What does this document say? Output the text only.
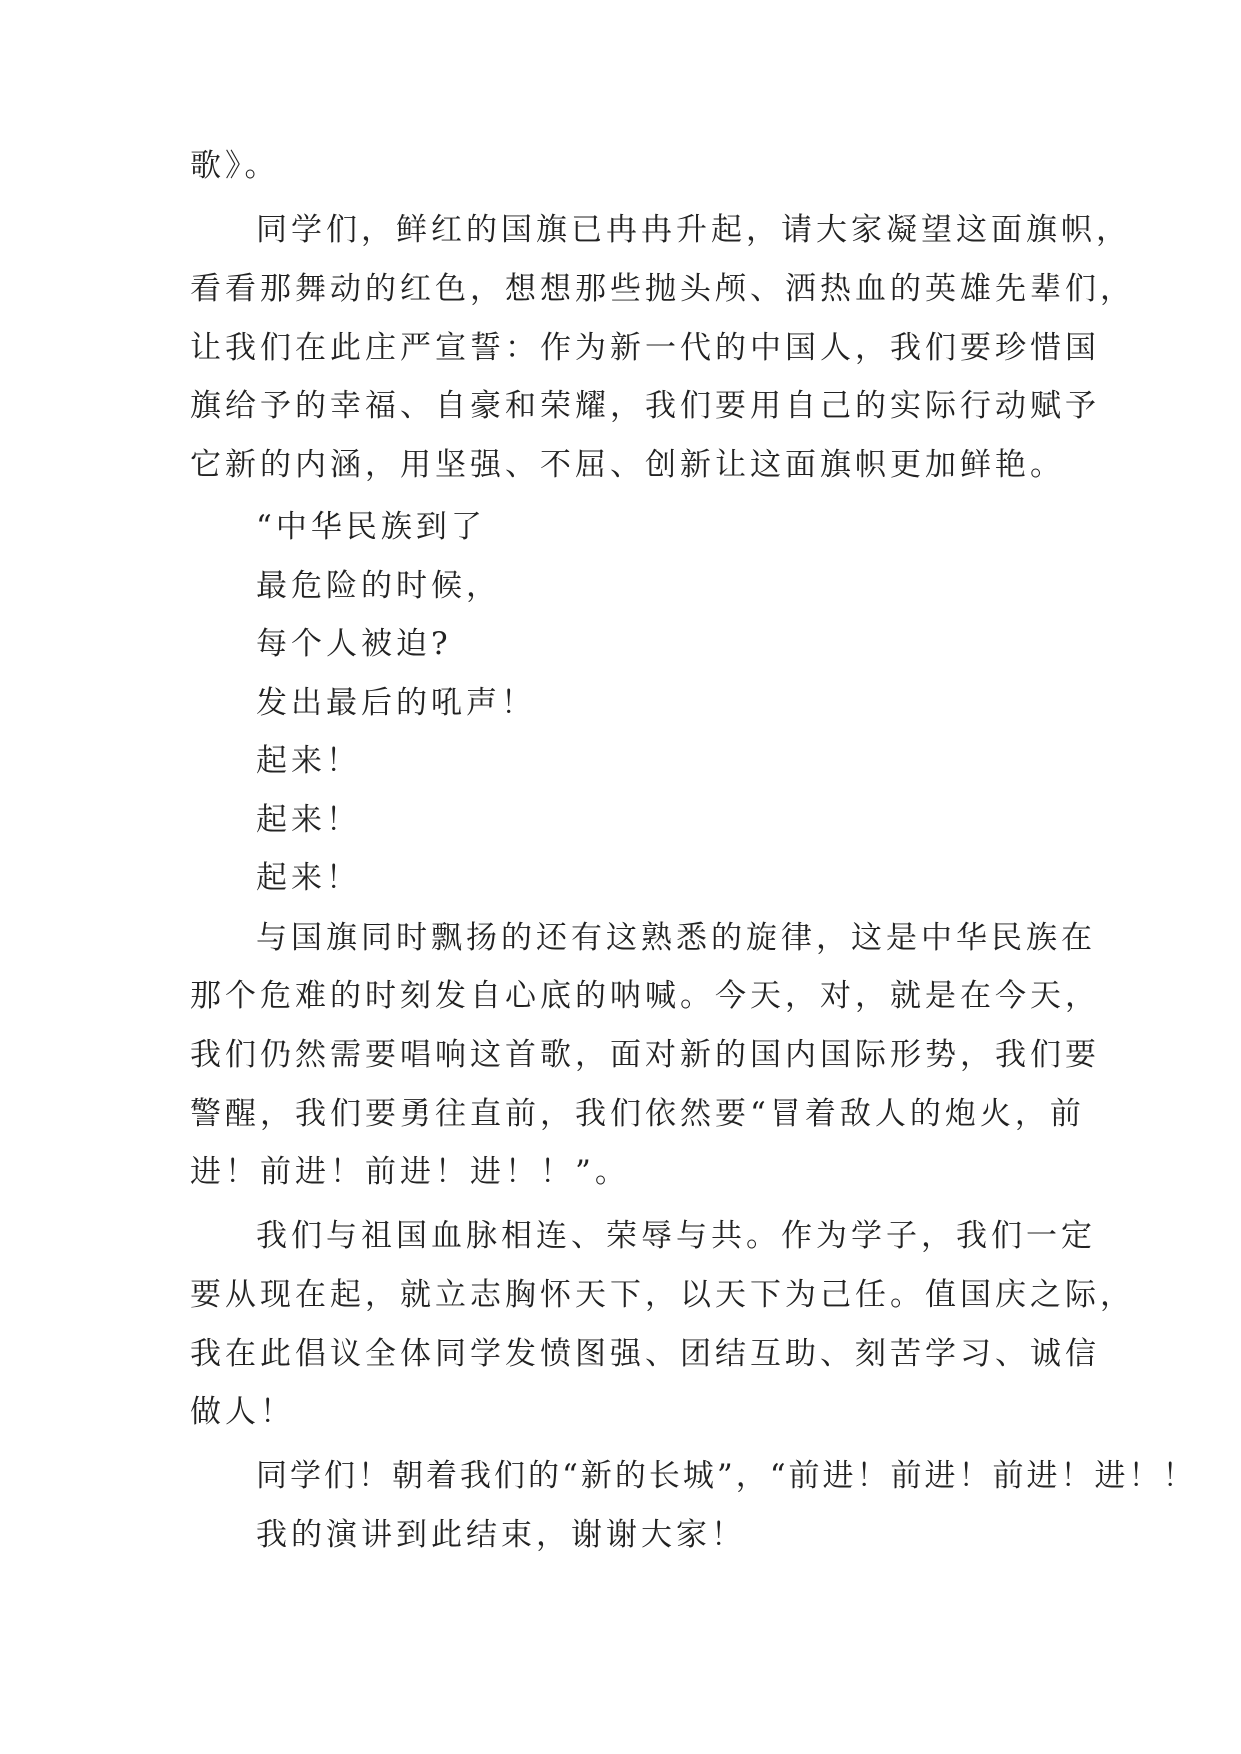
歌》。
同学们，鲜红的国旗已冉冉升起，请大家凝望这面旗帜，
看看那舞动的红色，想想那些抛头颅、洒热血的英雄先辈们，
让我们在此庄严宣誓：作为新一代的中国人，我们要珍惜国
旗给予的幸福、自豪和荣耀，我们要用自己的实际行动赋予
它新的内涵，用坚强、不屈、创新让这面旗帜更加鲜艳。
“中华民族到了
最危险的时候，
每个人被迫?
发出最后的吼声！
起来！
起来！
起来！
与国旗同时飘扬的还有这熟悉的旋律，这是中华民族在
那个危难的时刻发自心底的呐喊。今天，对，就是在今天，
我们仍然需要唱响这首歌，面对新的国内国际形势，我们要
警醒，我们要勇往直前，我们依然要“冒着敌人的炮火，前
进！前进！前进！进！！”。
我们与祖国血脉相连、荣辱与共。作为学子，我们一定
要从现在起，就立志胸怀天下，以天下为己任。值国庆之际，
我在此倡议全体同学发愤图强、团结互助、刻苦学习、诚信
做人！
同学们！朝着我们的“新的长城”，“前进！前进！前进！进！！
我的演讲到此结束，谢谢大家！
